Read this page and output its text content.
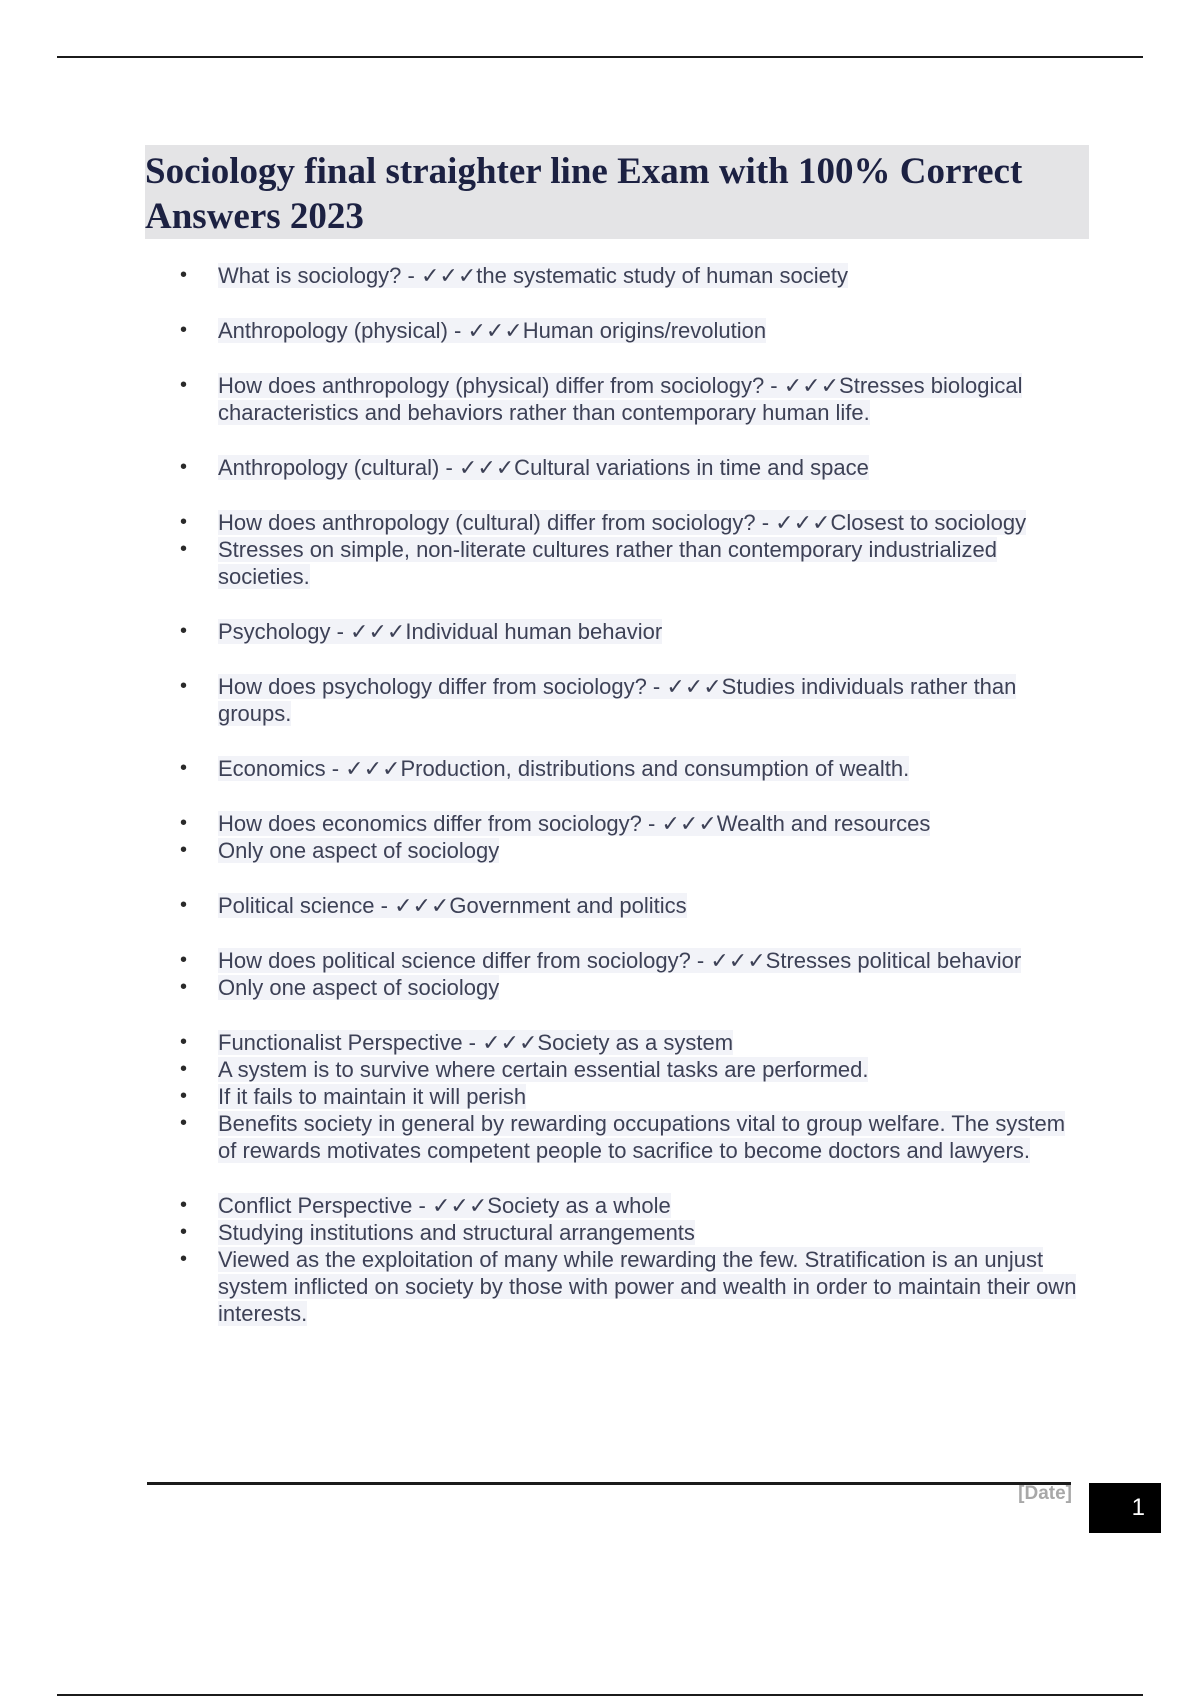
Sociology final straighter line Exam with 100% Correct Answers 2023
• What is sociology? - ✓✓✓the systematic study of human society
• Anthropology (physical) - ✓✓✓Human origins/revolution
• How does anthropology (physical) differ from sociology? - ✓✓✓Stresses biological characteristics and behaviors rather than contemporary human life.
• Anthropology (cultural) - ✓✓✓Cultural variations in time and space
• How does anthropology (cultural) differ from sociology? - ✓✓✓Closest to sociology
• Stresses on simple, non-literate cultures rather than contemporary industrialized societies.
• Psychology - ✓✓✓Individual human behavior
• How does psychology differ from sociology? - ✓✓✓Studies individuals rather than groups.
• Economics - ✓✓✓Production, distributions and consumption of wealth.
• How does economics differ from sociology? - ✓✓✓Wealth and resources
• Only one aspect of sociology
• Political science - ✓✓✓Government and politics
• How does political science differ from sociology? - ✓✓✓Stresses political behavior
• Only one aspect of sociology
• Functionalist Perspective - ✓✓✓Society as a system
• A system is to survive where certain essential tasks are performed.
• If it fails to maintain it will perish
• Benefits society in general by rewarding occupations vital to group welfare. The system of rewards motivates competent people to sacrifice to become doctors and lawyers.
• Conflict Perspective - ✓✓✓Society as a whole
• Studying institutions and structural arrangements
• Viewed as the exploitation of many while rewarding the few. Stratification is an unjust system inflicted on society by those with power and wealth in order to maintain their own interests.
[Date]
1
